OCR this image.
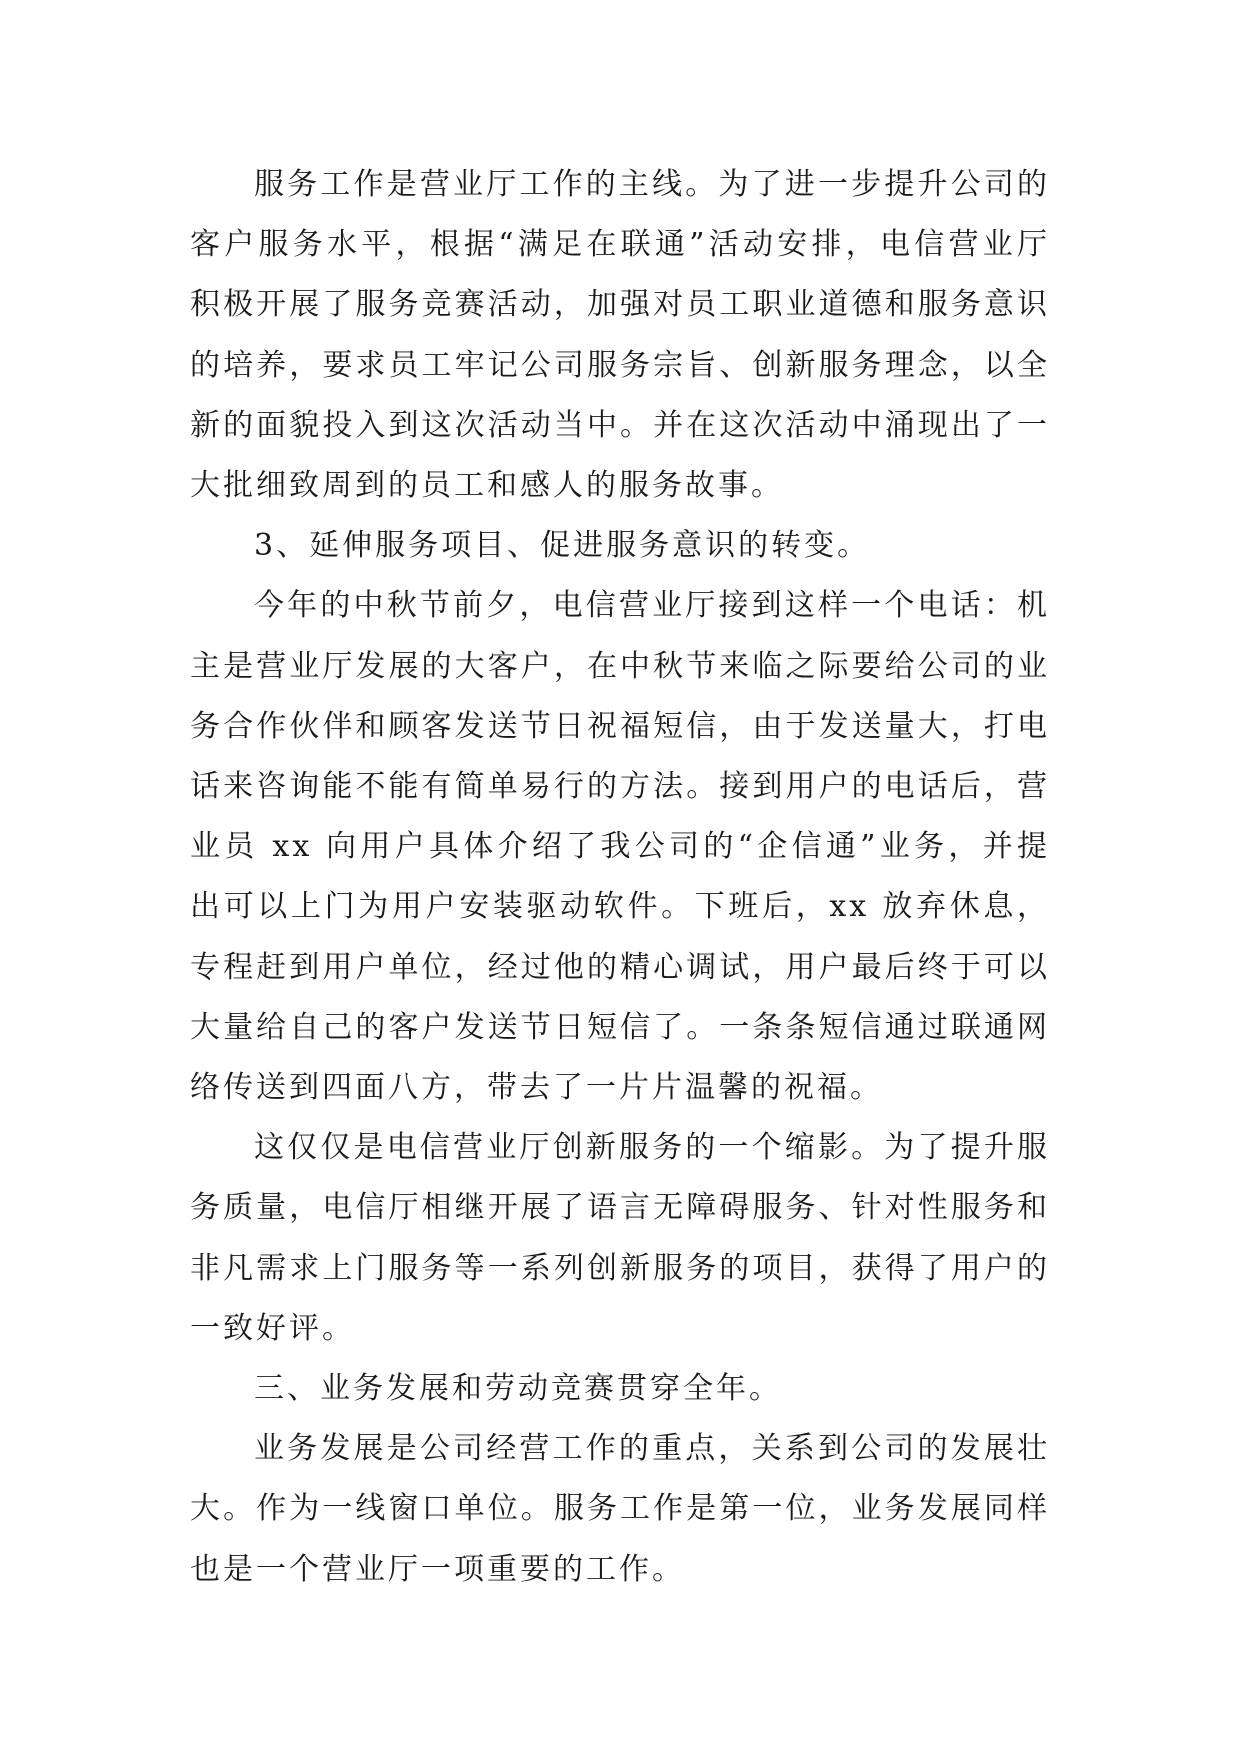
服务工作是营业厅工作的主线。为了进一步提升公司的客户服务水平，根据“满足在联通”活动安排，电信营业厅积极开展了服务竞赛活动，加强对员工职业道德和服务意识的培养，要求员工牢记公司服务宗旨、创新服务理念，以全新的面貌投入到这次活动当中。并在这次活动中涌现出了一大批细致周到的员工和感人的服务故事。

3、延伸服务项目、促进服务意识的转变。

今年的中秋节前夕，电信营业厅接到这样一个电话：机主是营业厅发展的大客户，在中秋节来临之际要给公司的业务合作伙伴和顾客发送节日祝福短信，由于发送量大，打电话来咨询能不能有简单易行的方法。接到用户的电话后，营业员 xx 向用户具体介绍了我公司的“企信通”业务，并提出可以上门为用户安装驱动软件。下班后，xx 放弃休息，专程赶到用户单位，经过他的精心调试，用户最后终于可以大量给自己的客户发送节日短信了。一条条短信通过联通网络传送到四面八方，带去了一片片温馨的祝福。

这仅仅是电信营业厅创新服务的一个缩影。为了提升服务质量，电信厅相继开展了语言无障碍服务、针对性服务和非凡需求上门服务等一系列创新服务的项目，获得了用户的一致好评。

三、业务发展和劳动竞赛贯穿全年。

业务发展是公司经营工作的重点，关系到公司的发展壮大。作为一线窗口单位。服务工作是第一位，业务发展同样也是一个营业厅一项重要的工作。
